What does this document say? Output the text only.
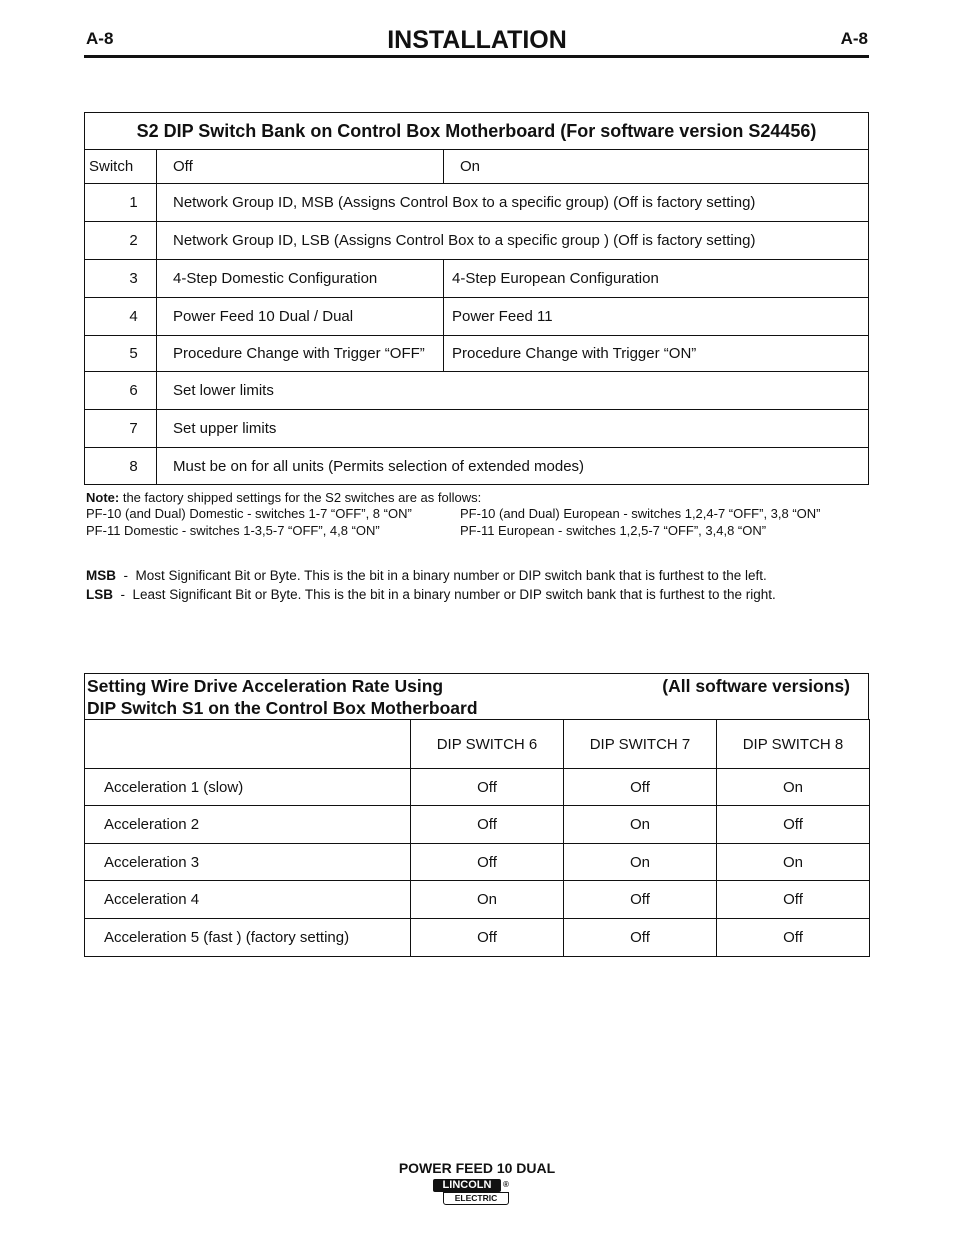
A-8	INSTALLATION	A-8
S2 DIP Switch Bank on Control Box Motherboard (For software version S24456)		
Switch	Off	On
1	Network Group ID, MSB (Assigns Control Box to a specific group) (Off is factory setting)	
2	Network Group ID, LSB (Assigns Control Box to a specific group ) (Off is factory setting)	
3	4-Step Domestic Configuration	4-Step European Configuration
4	Power Feed 10 Dual / Dual	Power Feed 11
5	Procedure Change with Trigger “OFF”	Procedure Change with Trigger “ON”
6	Set lower limits	
7	Set upper limits	
8	Must be on for all units (Permits selection of extended modes)	
Note: the factory shipped settings for the S2 switches are as follows:
PF-10 (and Dual) Domestic - switches 1-7 “OFF”, 8 “ON”	PF-10 (and Dual) European - switches 1,2,4-7 “OFF”, 3,8 “ON”
PF-11 Domestic - switches 1-3,5-7 “OFF”, 4,8 “ON”	PF-11 European - switches 1,2,5-7 “OFF”, 3,4,8 “ON”
MSB  -  Most Significant Bit or Byte. This is the bit in a binary number or DIP switch bank that is furthest to the left.
LSB  -  Least Significant Bit or Byte. This is the bit in a binary number or DIP switch bank that is furthest to the right.
Setting Wire Drive Acceleration Rate Using
DIP Switch S1 on the Control Box Motherboard
(All software versions)
	DIP SWITCH 6	DIP SWITCH 7	DIP SWITCH 8
Acceleration 1 (slow)	Off	Off	On
Acceleration 2	Off	On	Off
Acceleration 3	Off	On	On
Acceleration 4	On	Off	Off
Acceleration 5 (fast ) (factory setting)	Off	Off	Off
POWER FEED 10 DUAL
LINCOLN
ELECTRIC
®
